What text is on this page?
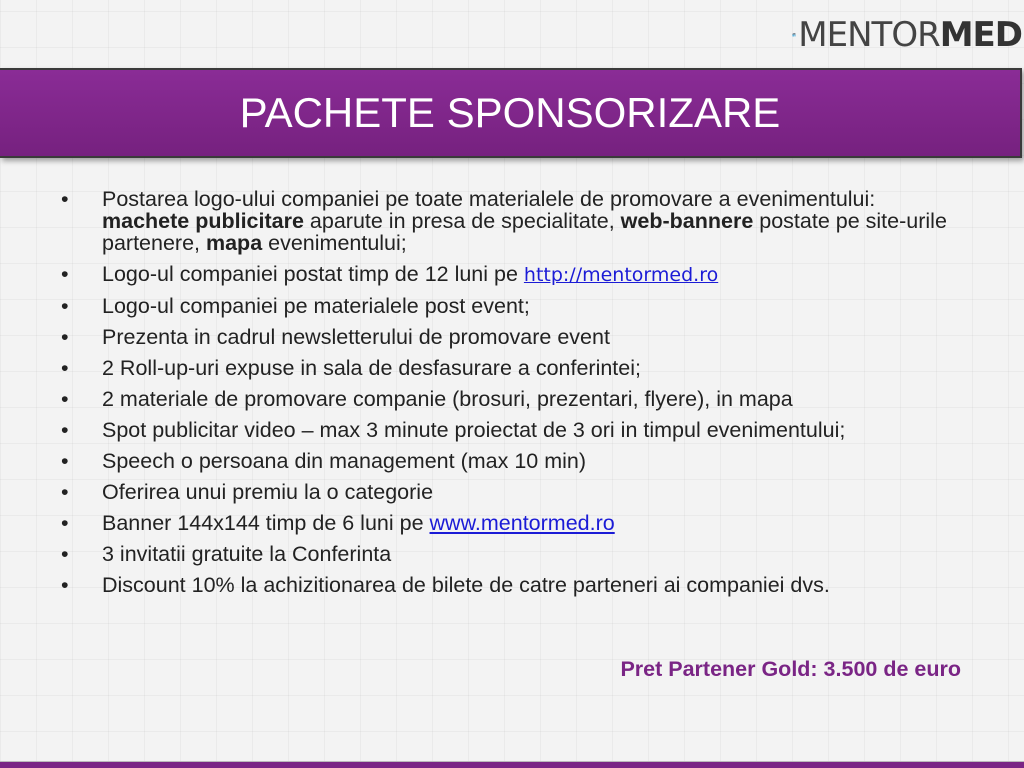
MENTORMED
PACHETE SPONSORIZARE
• Postarea logo-ului companiei pe toate materialele de promovare a evenimentului: machete publicitare aparute in presa de specialitate, web-bannere postate pe site-urile partenere, mapa evenimentului;
• Logo-ul companiei postat timp de 12 luni pe http://mentormed.ro
• Logo-ul companiei pe materialele post event;
• Prezenta in cadrul newsletterului de promovare event
• 2 Roll-up-uri expuse in sala de desfasurare a conferintei;
• 2 materiale de promovare companie (brosuri, prezentari, flyere), in mapa
• Spot publicitar video – max 3 minute proiectat de 3 ori in timpul evenimentului;
• Speech o persoana din management (max 10 min)
• Oferirea unui premiu la o categorie
• Banner 144x144 timp de 6 luni pe www.mentormed.ro
• 3 invitatii gratuite la Conferinta
• Discount 10% la achizitionarea de bilete de catre parteneri ai companiei dvs.
Pret Partener Gold: 3.500 de euro
